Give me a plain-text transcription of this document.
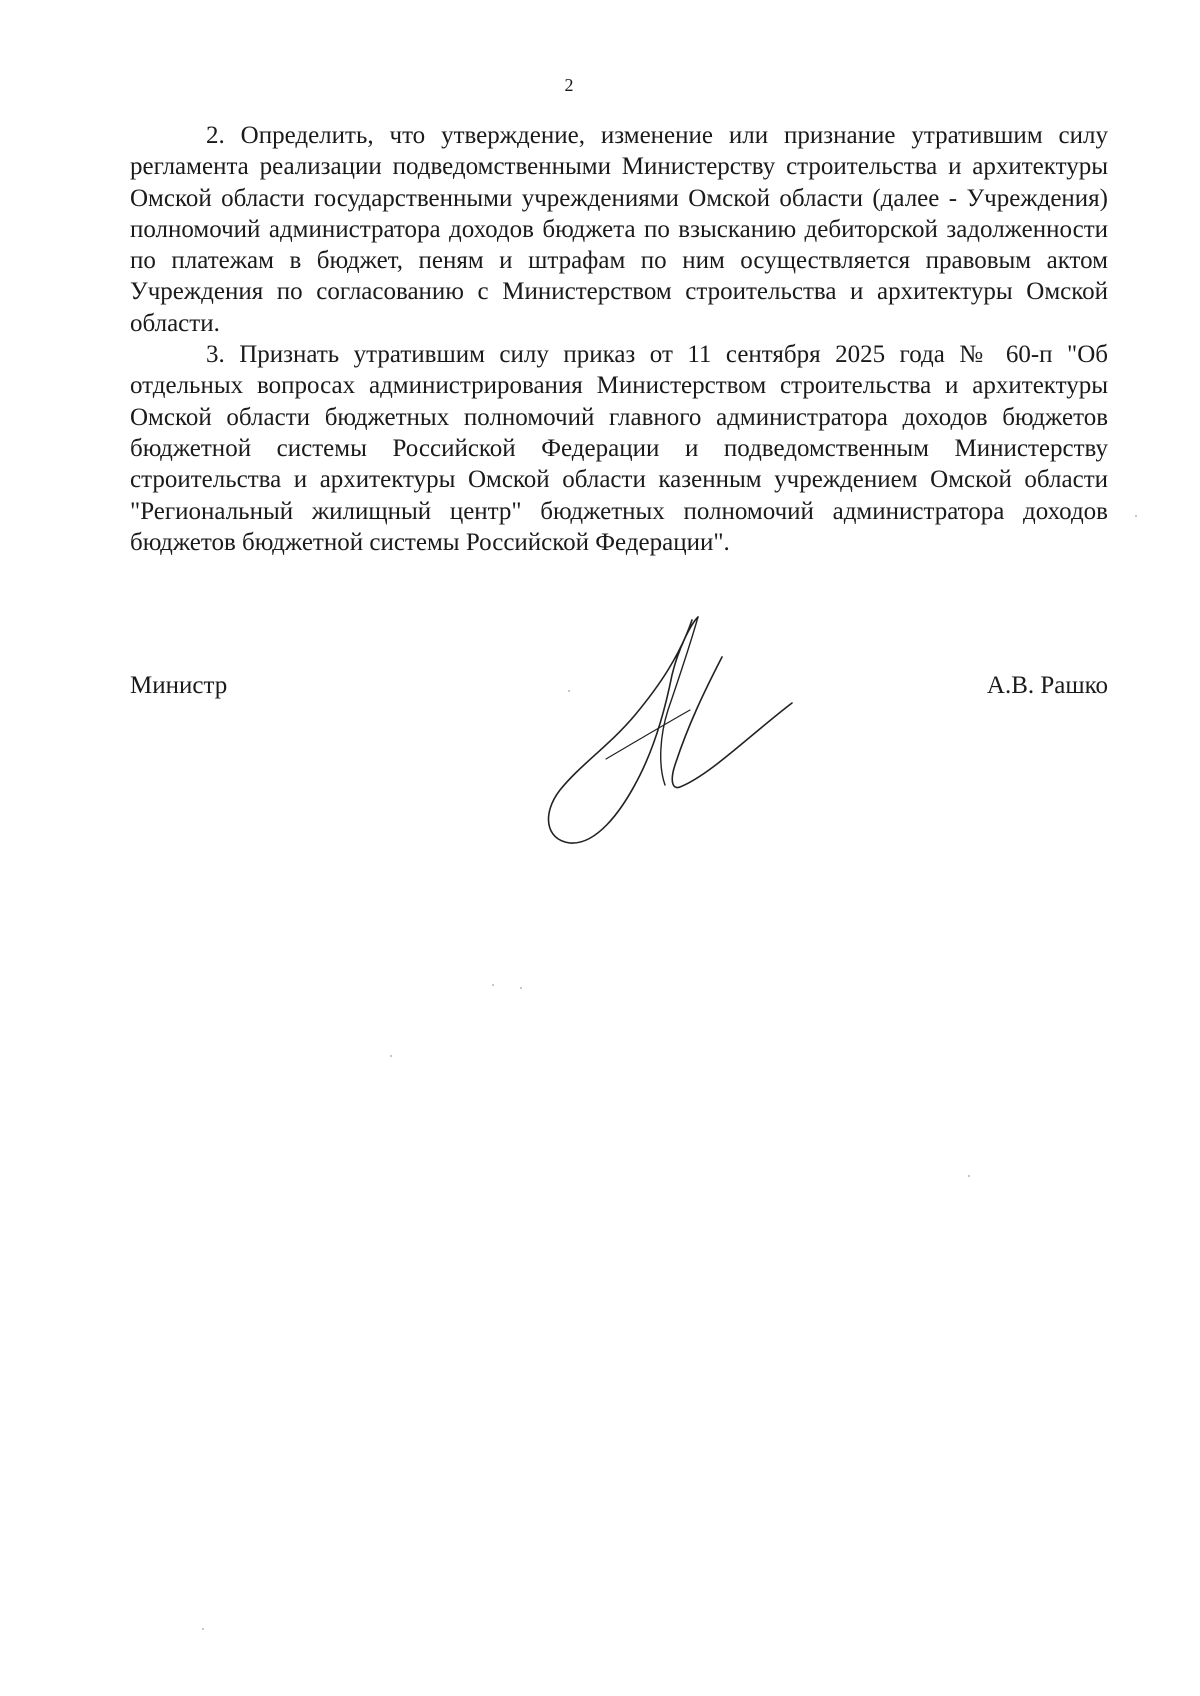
2

2. Определить, что утверждение, изменение или признание утратившим силу регламента реализации подведомственными Министерству строительства и архитектуры Омской области государственными учреждениями Омской области (далее - Учреждения) полномочий администратора доходов бюджета по взысканию дебиторской задолженности по платежам в бюджет, пеням и штрафам по ним осуществляется правовым актом Учреждения по согласованию с Министерством строительства и архитектуры Омской области.

3. Признать утратившим силу приказ от 11 сентября 2025 года № 60-п "Об отдельных вопросах администрирования Министерством строительства и архитектуры Омской области бюджетных полномочий главного администратора доходов бюджетов бюджетной системы Российской Федерации и подведомственным Министерству строительства и архитектуры Омской области казенным учреждением Омской области "Региональный жилищный центр" бюджетных полномочий администратора доходов бюджетов бюджетной системы Российской Федерации".

Министр	А.В. Рашко
